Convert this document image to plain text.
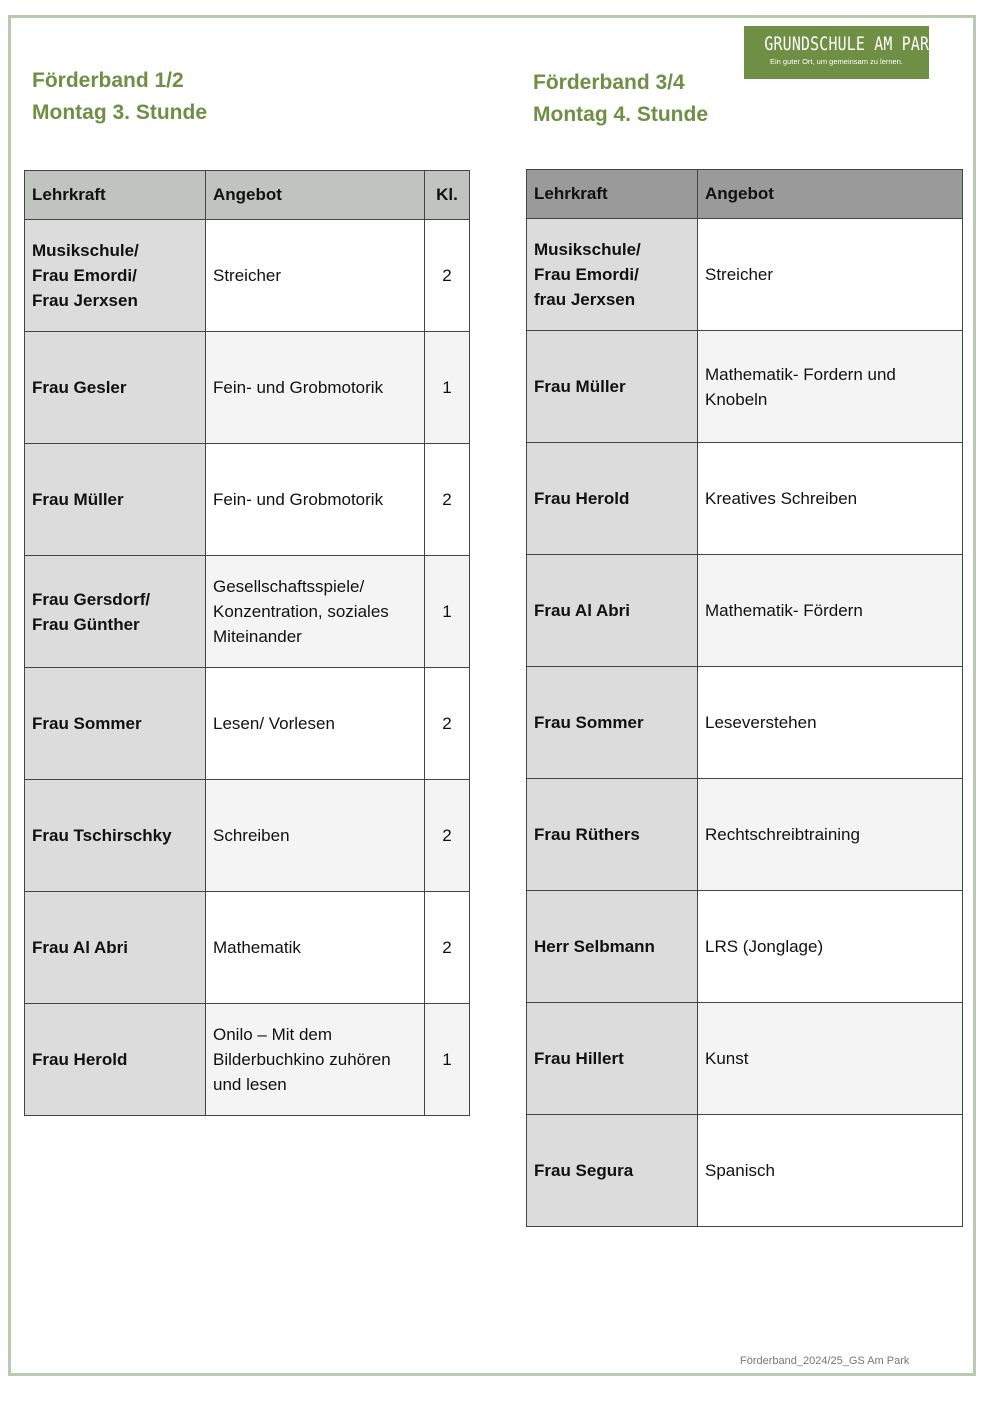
GRUNDSCHULE AM PARK
Ein guter Ort, um gemeinsam zu lernen.
Förderband 1/2
Montag 3. Stunde
Förderband 3/4
Montag 4. Stunde
Lehrkraft	Angebot	Kl.
Musikschule/
Frau Emordi/
Frau Jerxsen	Streicher	2
Frau Gesler	Fein- und Grobmotorik	1
Frau Müller	Fein- und Grobmotorik	2
Frau Gersdorf/
Frau Günther	Gesellschaftsspiele/
Konzentration, soziales
Miteinander	1
Frau Sommer	Lesen/ Vorlesen	2
Frau Tschirschky	Schreiben	2
Frau Al Abri	Mathematik	2
Frau Herold	Onilo – Mit dem
Bilderbuchkino zuhören
und lesen	1
Lehrkraft	Angebot
Musikschule/
Frau Emordi/
frau Jerxsen	Streicher
Frau Müller	Mathematik- Fordern und
Knobeln
Frau Herold	Kreatives Schreiben
Frau Al Abri	Mathematik- Fördern
Frau Sommer	Leseverstehen
Frau Rüthers	Rechtschreibtraining
Herr Selbmann	LRS (Jonglage)
Frau Hillert	Kunst
Frau Segura	Spanisch
Förderband_2024/25_GS Am Park
